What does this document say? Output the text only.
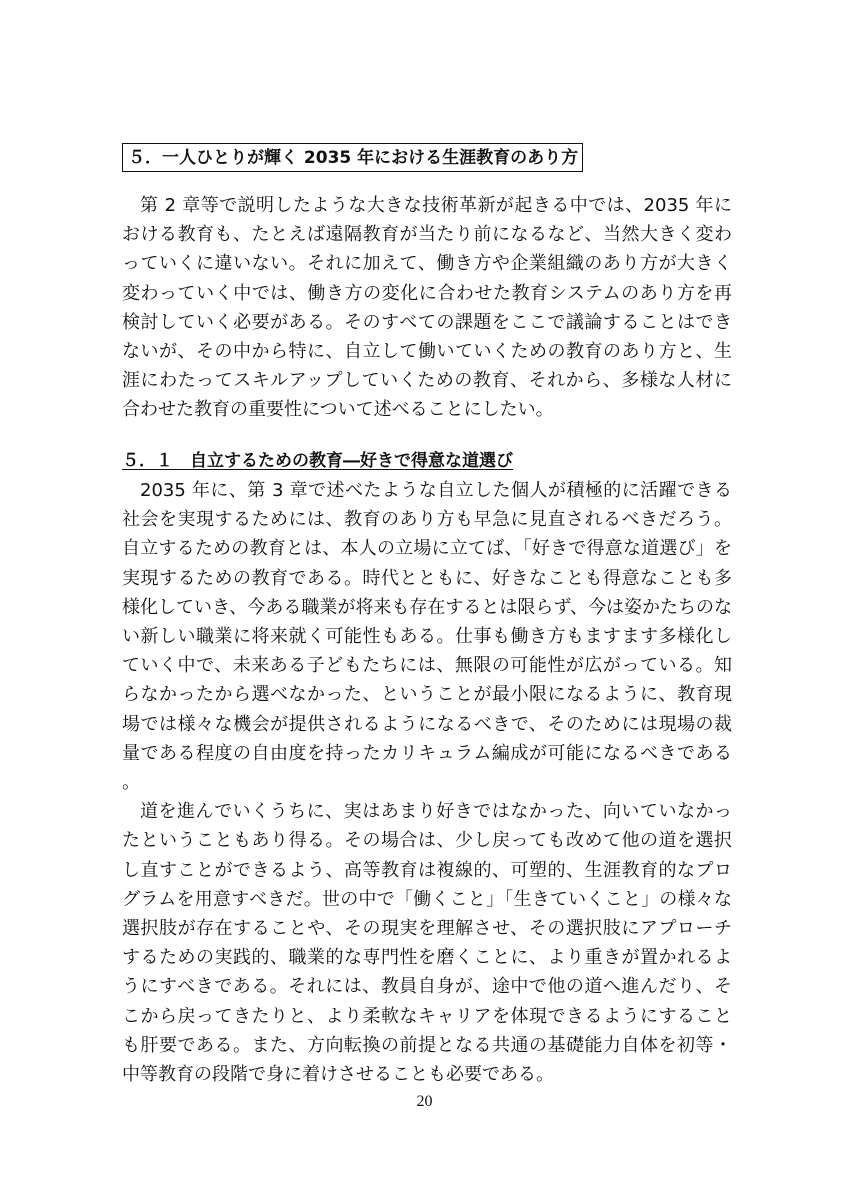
５．一人ひとりが輝く 2035 年における生涯教育のあり方

第 2 章等で説明したような大きな技術革新が起きる中では、2035 年における教育も、たとえば遠隔教育が当たり前になるなど、当然大きく変わっていくに違いない。それに加えて、働き方や企業組織のあり方が大きく変わっていく中では、働き方の変化に合わせた教育システムのあり方を再検討していく必要がある。そのすべての課題をここで議論することはできないが、その中から特に、自立して働いていくための教育のあり方と、生涯にわたってスキルアップしていくための教育、それから、多様な人材に合わせた教育の重要性について述べることにしたい。

５．１　自立するための教育―好きで得意な道選び

2035 年に、第 3 章で述べたような自立した個人が積極的に活躍できる社会を実現するためには、教育のあり方も早急に見直されるべきだろう。自立するための教育とは、本人の立場に立てば、「好きで得意な道選び」を実現するための教育である。時代とともに、好きなことも得意なことも多様化していき、今ある職業が将来も存在するとは限らず、今は姿かたちのない新しい職業に将来就く可能性もある。仕事も働き方もますます多様化していく中で、未来ある子どもたちには、無限の可能性が広がっている。知らなかったから選べなかった、ということが最小限になるように、教育現場では様々な機会が提供されるようになるべきで、そのためには現場の裁量である程度の自由度を持ったカリキュラム編成が可能になるべきである。

道を進んでいくうちに、実はあまり好きではなかった、向いていなかったということもあり得る。その場合は、少し戻っても改めて他の道を選択し直すことができるよう、高等教育は複線的、可塑的、生涯教育的なプログラムを用意すべきだ。世の中で「働くこと」「生きていくこと」の様々な選択肢が存在することや、その現実を理解させ、その選択肢にアプローチするための実践的、職業的な専門性を磨くことに、より重きが置かれるようにすべきである。それには、教員自身が、途中で他の道へ進んだり、そこから戻ってきたりと、より柔軟なキャリアを体現できるようにすることも肝要である。また、方向転換の前提となる共通の基礎能力自体を初等・中等教育の段階で身に着けさせることも必要である。

20
